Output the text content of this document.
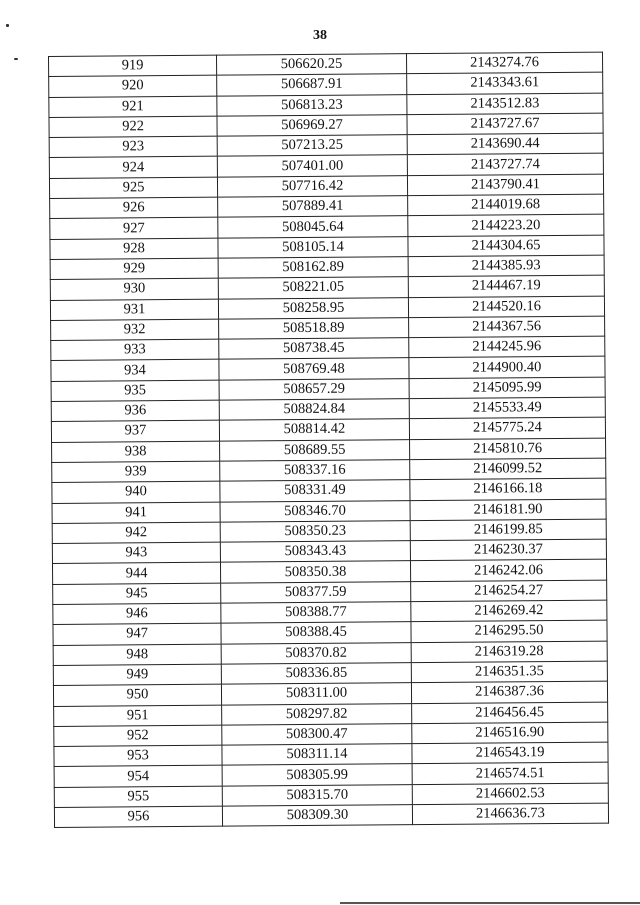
38
919	506620.25	2143274.76
920	506687.91	2143343.61
921	506813.23	2143512.83
922	506969.27	2143727.67
923	507213.25	2143690.44
924	507401.00	2143727.74
925	507716.42	2143790.41
926	507889.41	2144019.68
927	508045.64	2144223.20
928	508105.14	2144304.65
929	508162.89	2144385.93
930	508221.05	2144467.19
931	508258.95	2144520.16
932	508518.89	2144367.56
933	508738.45	2144245.96
934	508769.48	2144900.40
935	508657.29	2145095.99
936	508824.84	2145533.49
937	508814.42	2145775.24
938	508689.55	2145810.76
939	508337.16	2146099.52
940	508331.49	2146166.18
941	508346.70	2146181.90
942	508350.23	2146199.85
943	508343.43	2146230.37
944	508350.38	2146242.06
945	508377.59	2146254.27
946	508388.77	2146269.42
947	508388.45	2146295.50
948	508370.82	2146319.28
949	508336.85	2146351.35
950	508311.00	2146387.36
951	508297.82	2146456.45
952	508300.47	2146516.90
953	508311.14	2146543.19
954	508305.99	2146574.51
955	508315.70	2146602.53
956	508309.30	2146636.73
